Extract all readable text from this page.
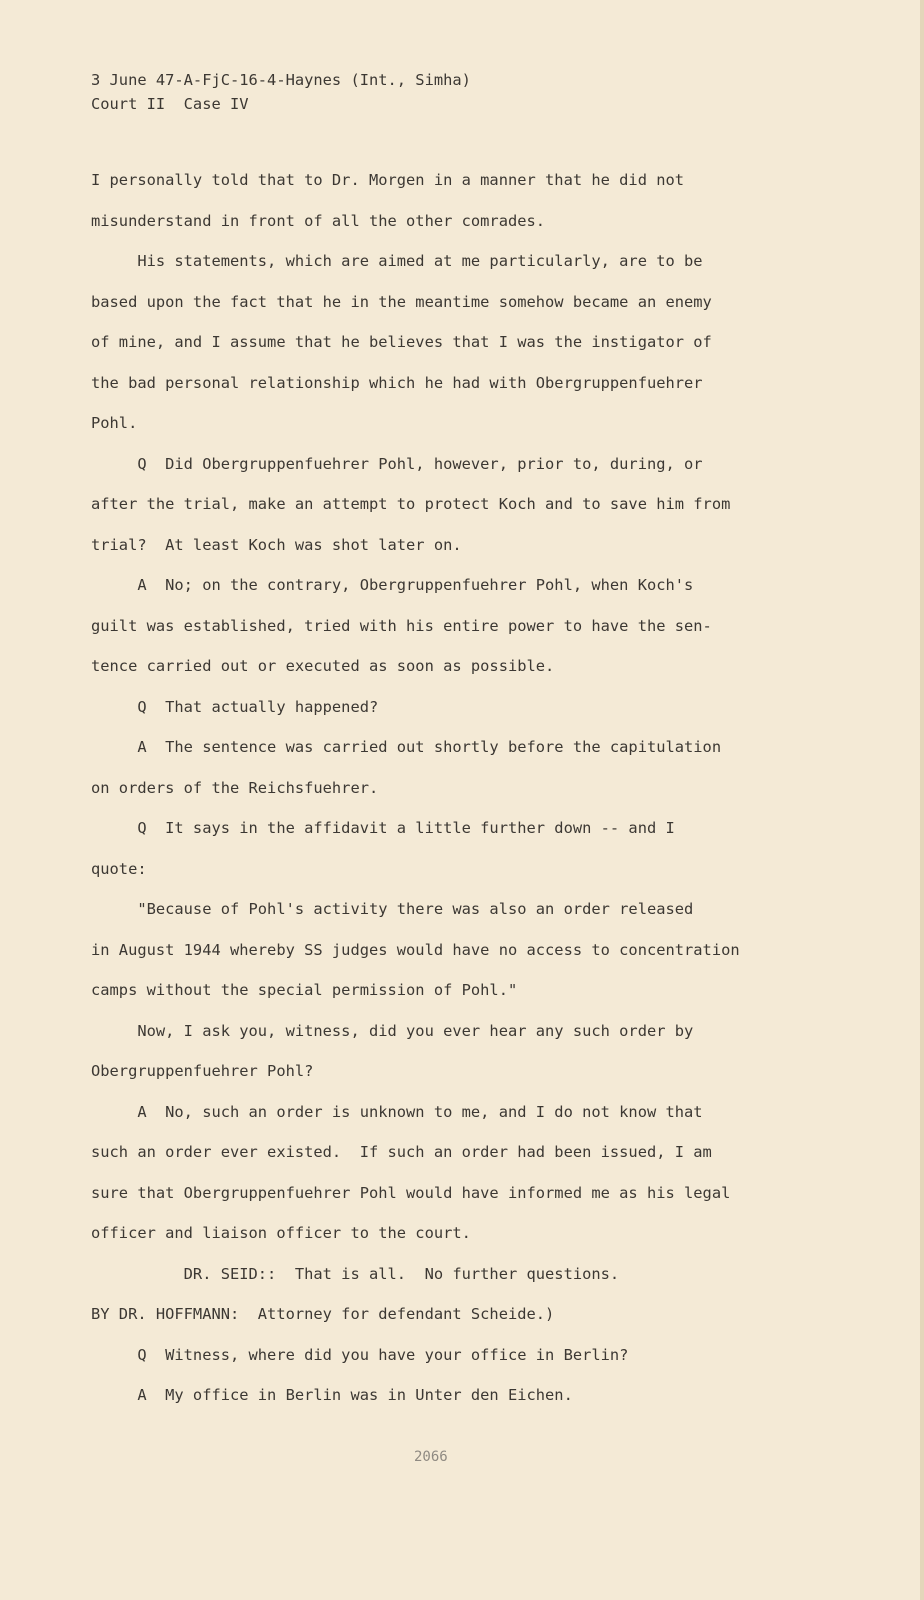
3 June 47-A-FjC-16-4-Haynes (Int., Simha)
Court II  Case IV
I personally told that to Dr. Morgen in a manner that he did not
misunderstand in front of all the other comrades.
His statements, which are aimed at me particularly, are to be
based upon the fact that he in the meantime somehow became an enemy
of mine, and I assume that he believes that I was the instigator of
the bad personal relationship which he had with Obergruppenfuehrer
Pohl.
Q  Did Obergruppenfuehrer Pohl, however, prior to, during, or
after the trial, make an attempt to protect Koch and to save him from
trial?  At least Koch was shot later on.
A  No; on the contrary, Obergruppenfuehrer Pohl, when Koch's
guilt was established, tried with his entire power to have the sen-
tence carried out or executed as soon as possible.
Q  That actually happened?
A  The sentence was carried out shortly before the capitulation
on orders of the Reichsfuehrer.
Q  It says in the affidavit a little further down -- and I
quote:
"Because of Pohl's activity there was also an order released
in August 1944 whereby SS judges would have no access to concentration
camps without the special permission of Pohl."
Now, I ask you, witness, did you ever hear any such order by
Obergruppenfuehrer Pohl?
A  No, such an order is unknown to me, and I do not know that
such an order ever existed.  If such an order had been issued, I am
sure that Obergruppenfuehrer Pohl would have informed me as his legal
officer and liaison officer to the court.
DR. SEID::  That is all.  No further questions.
BY DR. HOFFMANN:  Attorney for defendant Scheide.)
Q  Witness, where did you have your office in Berlin?
A  My office in Berlin was in Unter den Eichen.
2066
